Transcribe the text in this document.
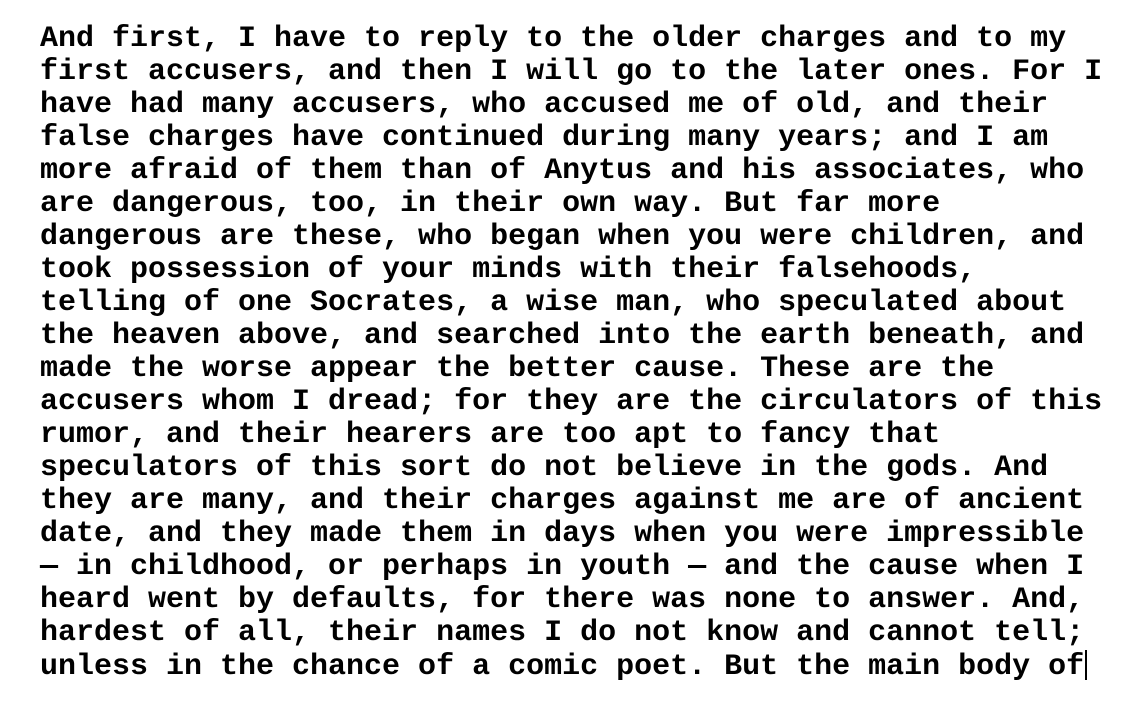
And first, I have to reply to the older charges and to my
first accusers, and then I will go to the later ones. For I
have had many accusers, who accused me of old, and their
false charges have continued during many years; and I am
more afraid of them than of Anytus and his associates, who
are dangerous, too, in their own way. But far more
dangerous are these, who began when you were children, and
took possession of your minds with their falsehoods,
telling of one Socrates, a wise man, who speculated about
the heaven above, and searched into the earth beneath, and
made the worse appear the better cause. These are the
accusers whom I dread; for they are the circulators of this
rumor, and their hearers are too apt to fancy that
speculators of this sort do not believe in the gods. And
they are many, and their charges against me are of ancient
date, and they made them in days when you were impressible
— in childhood, or perhaps in youth — and the cause when I
heard went by defaults, for there was none to answer. And,
hardest of all, their names I do not know and cannot tell;
unless in the chance of a comic poet. But the main body of
